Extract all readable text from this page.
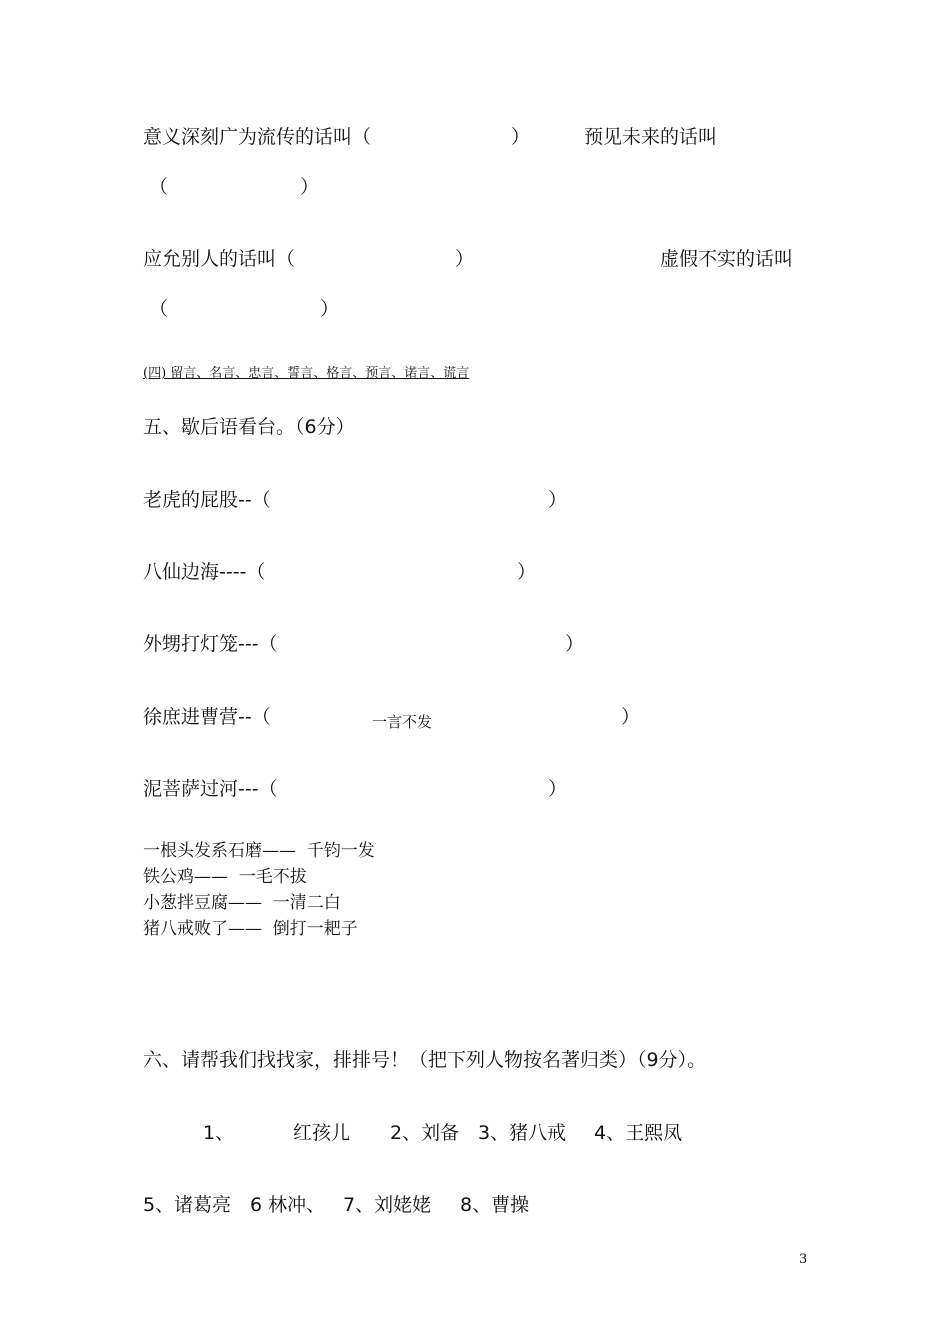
意义深刻广为流传的话叫（	）	预见未来的话叫
（	）
应允别人的话叫（	）	虚假不实的话叫
（	）
(四) 留言、名言、忠言、誓言、格言、预言、诺言、谎言
五、歇后语看台。（6分）
老虎的屁股--（	）
八仙边海----（	）
外甥打灯笼---（	）
徐庶进曹营--（	一言不发	）
泥菩萨过河---（	）
一根头发系石磨——  千钧一发
铁公鸡——  一毛不拔
小葱拌豆腐——  一清二白
猪八戒败了——  倒打一耙子
六、请帮我们找找家，排排号！（把下列人物按名著归类）（9分）。
1、	红孩儿 2、刘备 3、猪八戒 4、王熙凤
5、诸葛亮 6 林冲、 7、刘姥姥 8、曹操
3
